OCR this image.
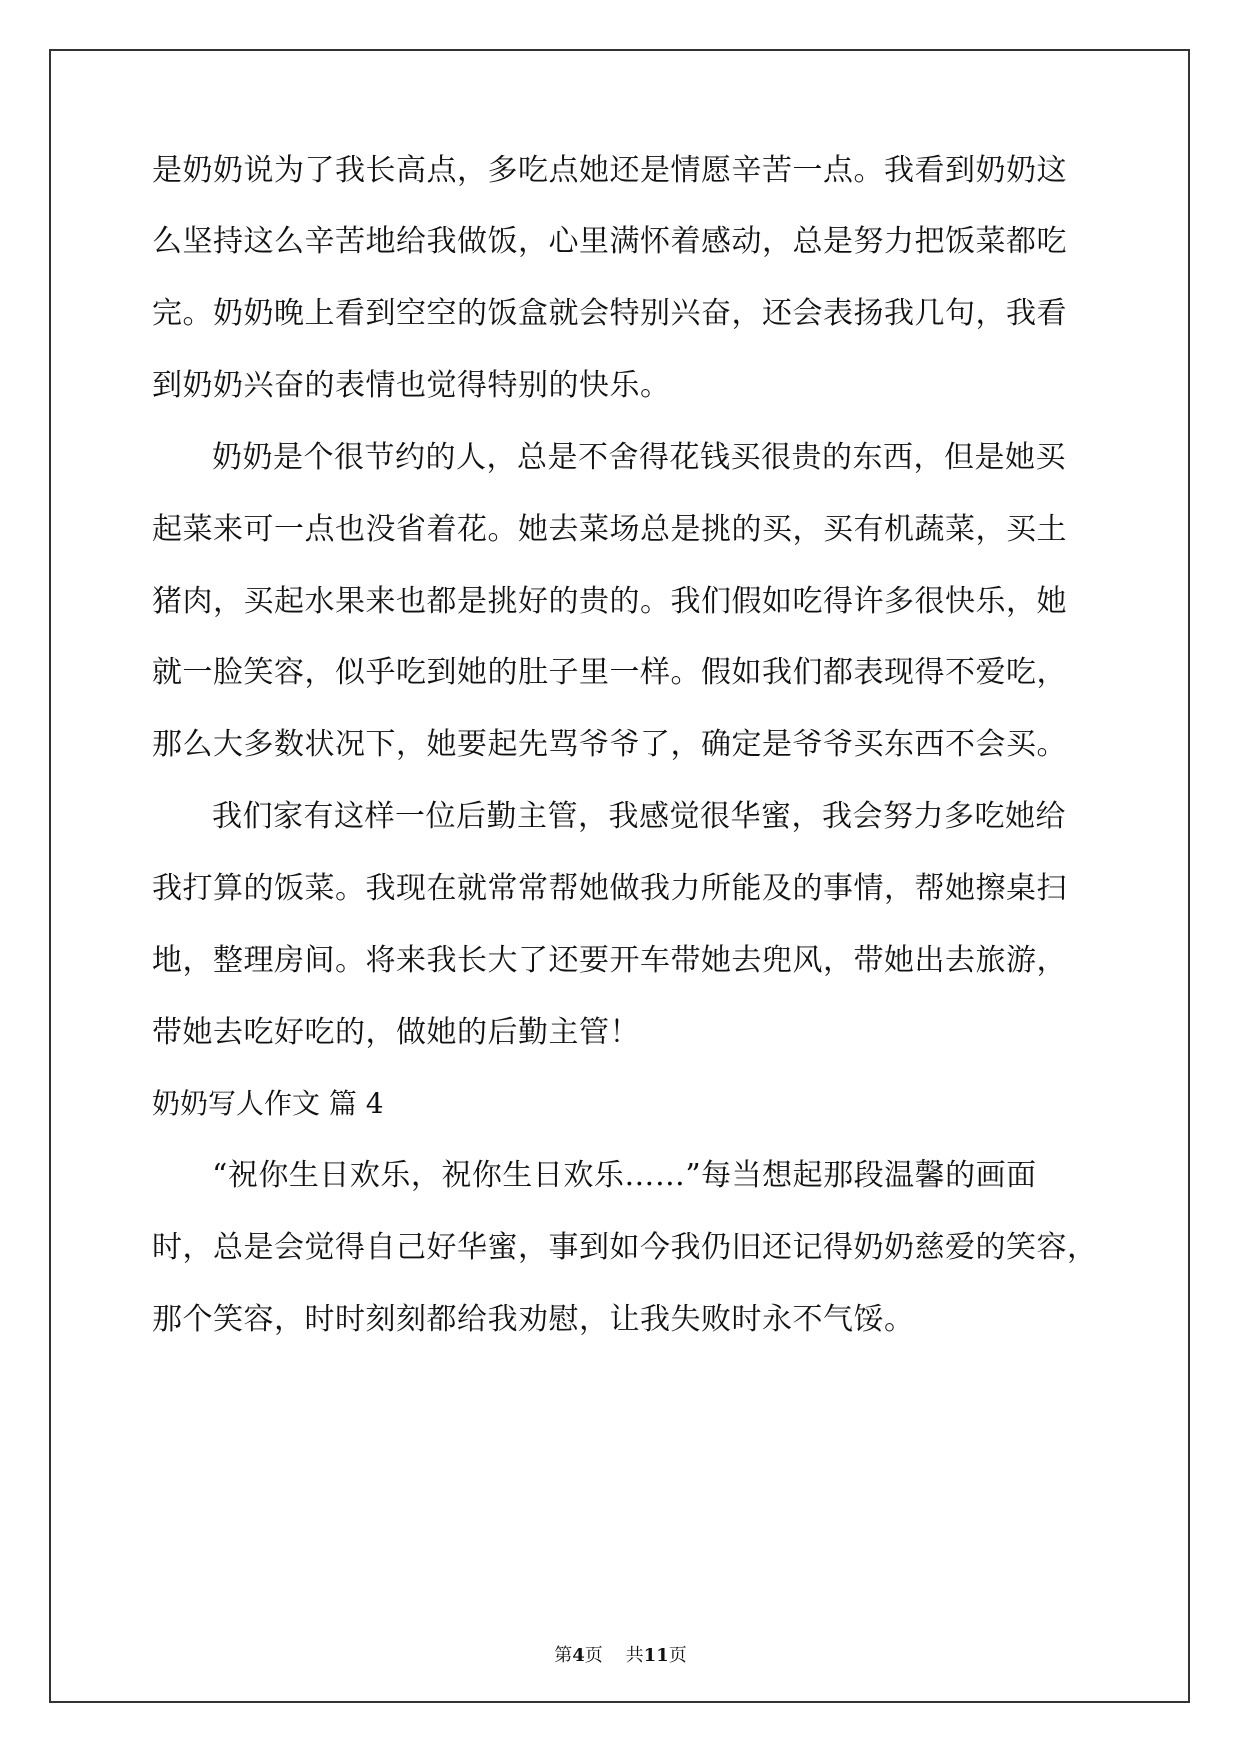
是奶奶说为了我长高点，多吃点她还是情愿辛苦一点。我看到奶奶这
么坚持这么辛苦地给我做饭，心里满怀着感动，总是努力把饭菜都吃
完。奶奶晚上看到空空的饭盒就会特别兴奋，还会表扬我几句，我看
到奶奶兴奋的表情也觉得特别的快乐。
奶奶是个很节约的人，总是不舍得花钱买很贵的东西，但是她买
起菜来可一点也没省着花。她去菜场总是挑的买，买有机蔬菜，买土
猪肉，买起水果来也都是挑好的贵的。我们假如吃得许多很快乐，她
就一脸笑容，似乎吃到她的肚子里一样。假如我们都表现得不爱吃，
那么大多数状况下，她要起先骂爷爷了，确定是爷爷买东西不会买。
我们家有这样一位后勤主管，我感觉很华蜜，我会努力多吃她给
我打算的饭菜。我现在就常常帮她做我力所能及的事情，帮她擦桌扫
地，整理房间。将来我长大了还要开车带她去兜风，带她出去旅游，
带她去吃好吃的，做她的后勤主管！
奶奶写人作文 篇 4
“祝你生日欢乐，祝你生日欢乐……”每当想起那段温馨的画面
时，总是会觉得自己好华蜜，事到如今我仍旧还记得奶奶慈爱的笑容，
那个笑容，时时刻刻都给我劝慰，让我失败时永不气馁。
第4页    共11页
